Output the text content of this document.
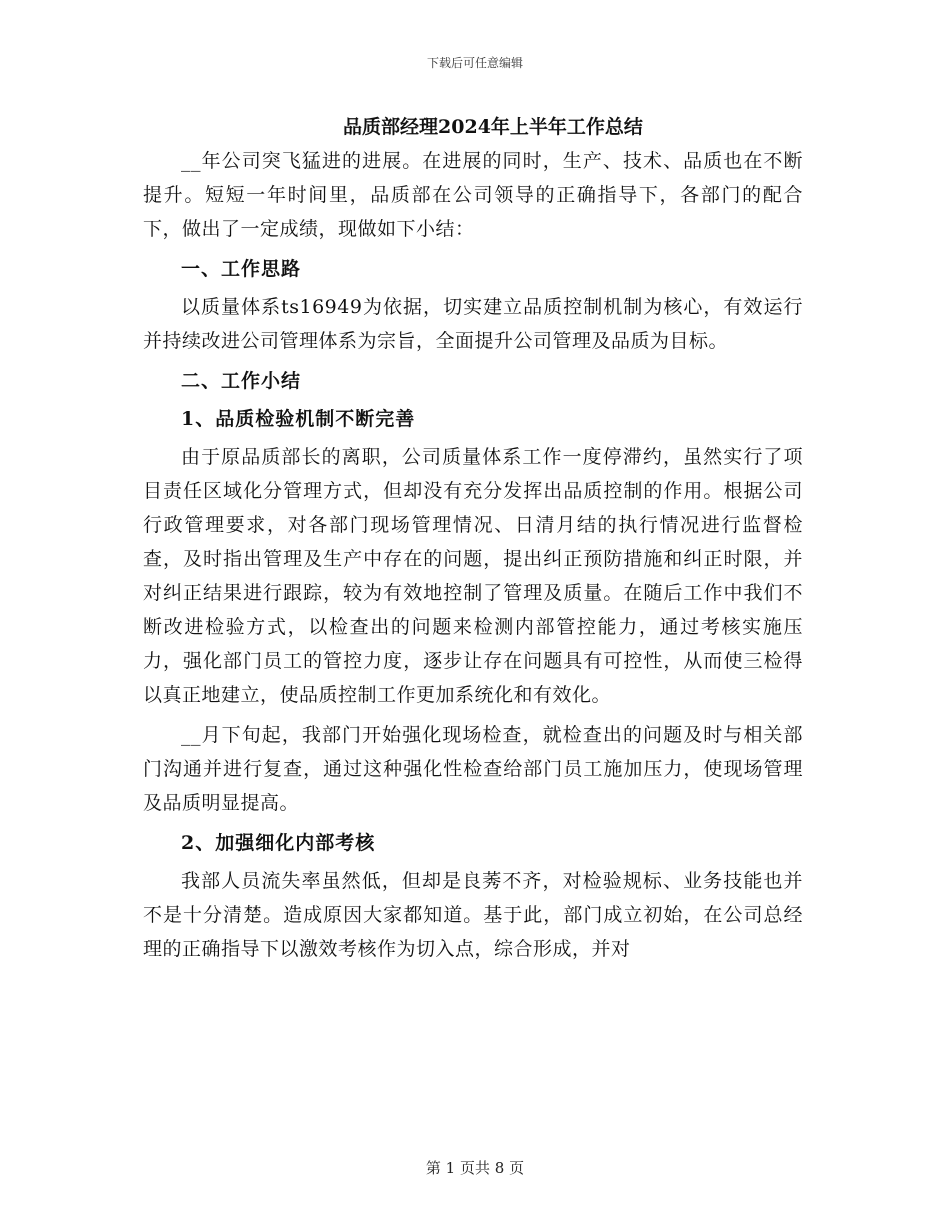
下载后可任意编辑
品质部经理2024年上半年工作总结

__年公司突飞猛进的进展。在进展的同时，生产、技术、品质也在不断提升。短短一年时间里，品质部在公司领导的正确指导下，各部门的配合下，做出了一定成绩，现做如下小结：

一、工作思路

以质量体系ts16949为依据，切实建立品质控制机制为核心，有效运行并持续改进公司管理体系为宗旨，全面提升公司管理及品质为目标。

二、工作小结

1、品质检验机制不断完善

由于原品质部长的离职，公司质量体系工作一度停滞约，虽然实行了项目责任区域化分管理方式，但却没有充分发挥出品质控制的作用。根据公司行政管理要求，对各部门现场管理情况、日清月结的执行情况进行监督检查，及时指出管理及生产中存在的问题，提出纠正预防措施和纠正时限，并对纠正结果进行跟踪，较为有效地控制了管理及质量。在随后工作中我们不断改进检验方式，以检查出的问题来检测内部管控能力，通过考核实施压力，强化部门员工的管控力度，逐步让存在问题具有可控性，从而使三检得以真正地建立，使品质控制工作更加系统化和有效化。

__月下旬起，我部门开始强化现场检查，就检查出的问题及时与相关部门沟通并进行复查，通过这种强化性检查给部门员工施加压力，使现场管理及品质明显提高。

2、加强细化内部考核

我部人员流失率虽然低，但却是良莠不齐，对检验规标、业务技能也并不是十分清楚。造成原因大家都知道。基于此，部门成立初始，在公司总经理的正确指导下以激效考核作为切入点，综合形成，并对

第 1 页共 8 页
